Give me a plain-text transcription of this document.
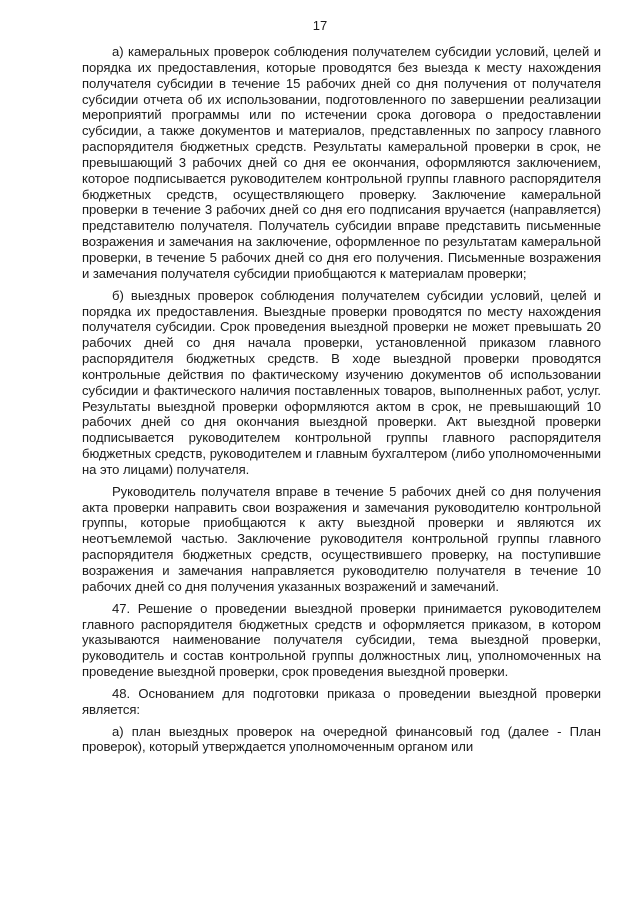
17

а) камеральных проверок соблюдения получателем субсидии условий, целей и порядка их предоставления, которые проводятся без выезда к месту нахождения получателя субсидии в течение 15 рабочих дней со дня получения от получателя субсидии отчета об их использовании, подготовленного по завершении реализации мероприятий программы или по истечении срока договора о предоставлении субсидии, а также документов и материалов, представленных по запросу главного распорядителя бюджетных средств. Результаты камеральной проверки в срок, не превышающий 3 рабочих дней со дня ее окончания, оформляются заключением, которое подписывается руководителем контрольной группы главного распорядителя бюджетных средств, осуществляющего проверку. Заключение камеральной проверки в течение 3 рабочих дней со дня его подписания вручается (направляется) представителю получателя. Получатель субсидии вправе представить письменные возражения и замечания на заключение, оформленное по результатам камеральной проверки, в течение 5 рабочих дней со дня его получения. Письменные возражения и замечания получателя субсидии приобщаются к материалам проверки;

б) выездных проверок соблюдения получателем субсидии условий, целей и порядка их предоставления. Выездные проверки проводятся по месту нахождения получателя субсидии. Срок проведения выездной проверки не может превышать 20 рабочих дней со дня начала проверки, установленной приказом главного распорядителя бюджетных средств. В ходе выездной проверки проводятся контрольные действия по фактическому изучению документов об использовании субсидии и фактического наличия поставленных товаров, выполненных работ, услуг. Результаты выездной проверки оформляются актом в срок, не превышающий 10 рабочих дней со дня окончания выездной проверки. Акт выездной проверки подписывается руководителем контрольной группы главного распорядителя бюджетных средств, руководителем и главным бухгалтером (либо уполномоченными на это лицами) получателя.

Руководитель получателя вправе в течение 5 рабочих дней со дня получения акта проверки направить свои возражения и замечания руководителю контрольной группы, которые приобщаются к акту выездной проверки и являются их неотъемлемой частью. Заключение руководителя контрольной группы главного распорядителя бюджетных средств, осуществившего проверку, на поступившие возражения и замечания направляется руководителю получателя в течение 10 рабочих дней со дня получения указанных возражений и замечаний.

47. Решение о проведении выездной проверки принимается руководителем главного распорядителя бюджетных средств и оформляется приказом, в котором указываются наименование получателя субсидии, тема выездной проверки, руководитель и состав контрольной группы должностных лиц, уполномоченных на проведение выездной проверки, срок проведения выездной проверки.

48. Основанием для подготовки приказа о проведении выездной проверки является:

а) план выездных проверок на очередной финансовый год (далее - План проверок), который утверждается уполномоченным органом или
